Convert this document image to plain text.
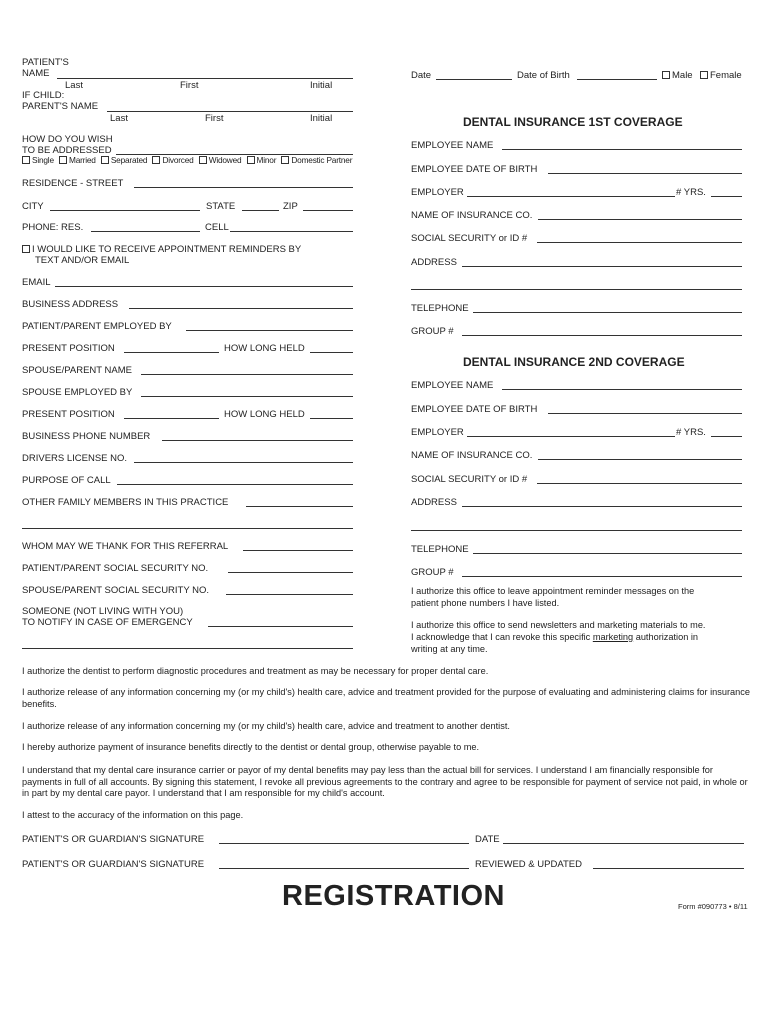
PATIENT'S
NAME
Last	First	Initial
IF CHILD:
PARENT'S NAME
Last	First	Initial
HOW DO YOU WISH
TO BE ADDRESSED
Single Married Separated Divorced Widowed Minor Domestic Partner
RESIDENCE - STREET
CITY	STATE	ZIP
PHONE: RES.	CELL
I WOULD LIKE TO RECEIVE APPOINTMENT REMINDERS BY
TEXT AND/OR EMAIL
EMAIL
BUSINESS ADDRESS
PATIENT/PARENT EMPLOYED BY
PRESENT POSITION	HOW LONG HELD
SPOUSE/PARENT NAME
SPOUSE EMPLOYED BY
PRESENT POSITION	HOW LONG HELD
BUSINESS PHONE NUMBER
DRIVERS LICENSE NO.
PURPOSE OF CALL
OTHER FAMILY MEMBERS IN THIS PRACTICE
WHOM MAY WE THANK FOR THIS REFERRAL
PATIENT/PARENT SOCIAL SECURITY NO.
SPOUSE/PARENT SOCIAL SECURITY NO.
SOMEONE (NOT LIVING WITH YOU)
TO NOTIFY IN CASE OF EMERGENCY
Date	Date of Birth	Male	Female
DENTAL INSURANCE 1ST COVERAGE
EMPLOYEE NAME
EMPLOYEE DATE OF BIRTH
EMPLOYER	# YRS.
NAME OF INSURANCE CO.
SOCIAL SECURITY or ID #
ADDRESS
TELEPHONE
GROUP #
DENTAL INSURANCE 2ND COVERAGE
EMPLOYEE NAME
EMPLOYEE DATE OF BIRTH
EMPLOYER	# YRS.
NAME OF INSURANCE CO.
SOCIAL SECURITY or ID #
ADDRESS
TELEPHONE
GROUP #
I authorize this office to leave appointment reminder messages on the
patient phone numbers I have listed.
I authorize this office to send newsletters and marketing materials to me.
I acknowledge that I can revoke this specific marketing authorization in
writing at any time.
I authorize the dentist to perform diagnostic procedures and treatment as may be necessary for proper dental care.
I authorize release of any information concerning my (or my child's) health care, advice and treatment provided for the purpose of evaluating and administering claims for insurance benefits.
I authorize release of any information concerning my (or my child's) health care, advice and treatment to another dentist.
I hereby authorize payment of insurance benefits directly to the dentist or dental group, otherwise payable to me.
I understand that my dental care insurance carrier or payor of my dental benefits may pay less than the actual bill for services. I understand I am financially responsible for payments in full of all accounts. By signing this statement, I revoke all previous agreements to the contrary and agree to be responsible for payment of service not paid, in whole or in part by my dental care payor. I understand that I am responsible for my child's account.
I attest to the accuracy of the information on this page.
PATIENT'S OR GUARDIAN'S SIGNATURE	DATE
PATIENT'S OR GUARDIAN'S SIGNATURE	REVIEWED & UPDATED
REGISTRATION	Form #090773 • 8/11
